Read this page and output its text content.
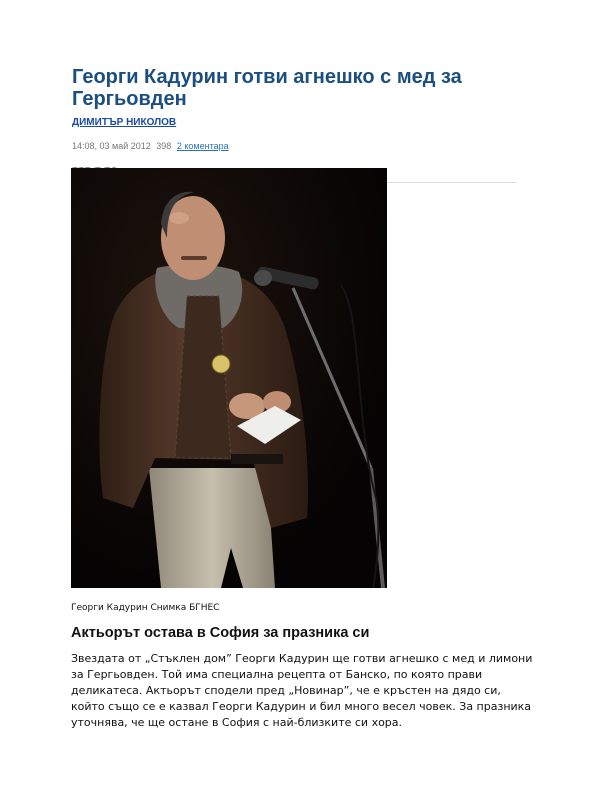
Георги Кадурин готви агнешко с мед за Гергьовден
ДИМИТЪР НИКОЛОВ
14:08, 03 май 2012 398 2 коментара
Георги Кадурин Снимка БГНЕС
Актьорът остава в София за празника си

Звездата от „Стъклен дом” Георги Кадурин ще готви агнешко с мед и лимони за Гергьовден. Той има специална рецепта от Банско, по която прави деликатеса. Актьорът сподели пред „Новинар”, че е кръстен на дядо си, който също се е казвал Георги Кадурин и бил много весел човек. За празника уточнява, че ще остане в София с най-близките си хора.
